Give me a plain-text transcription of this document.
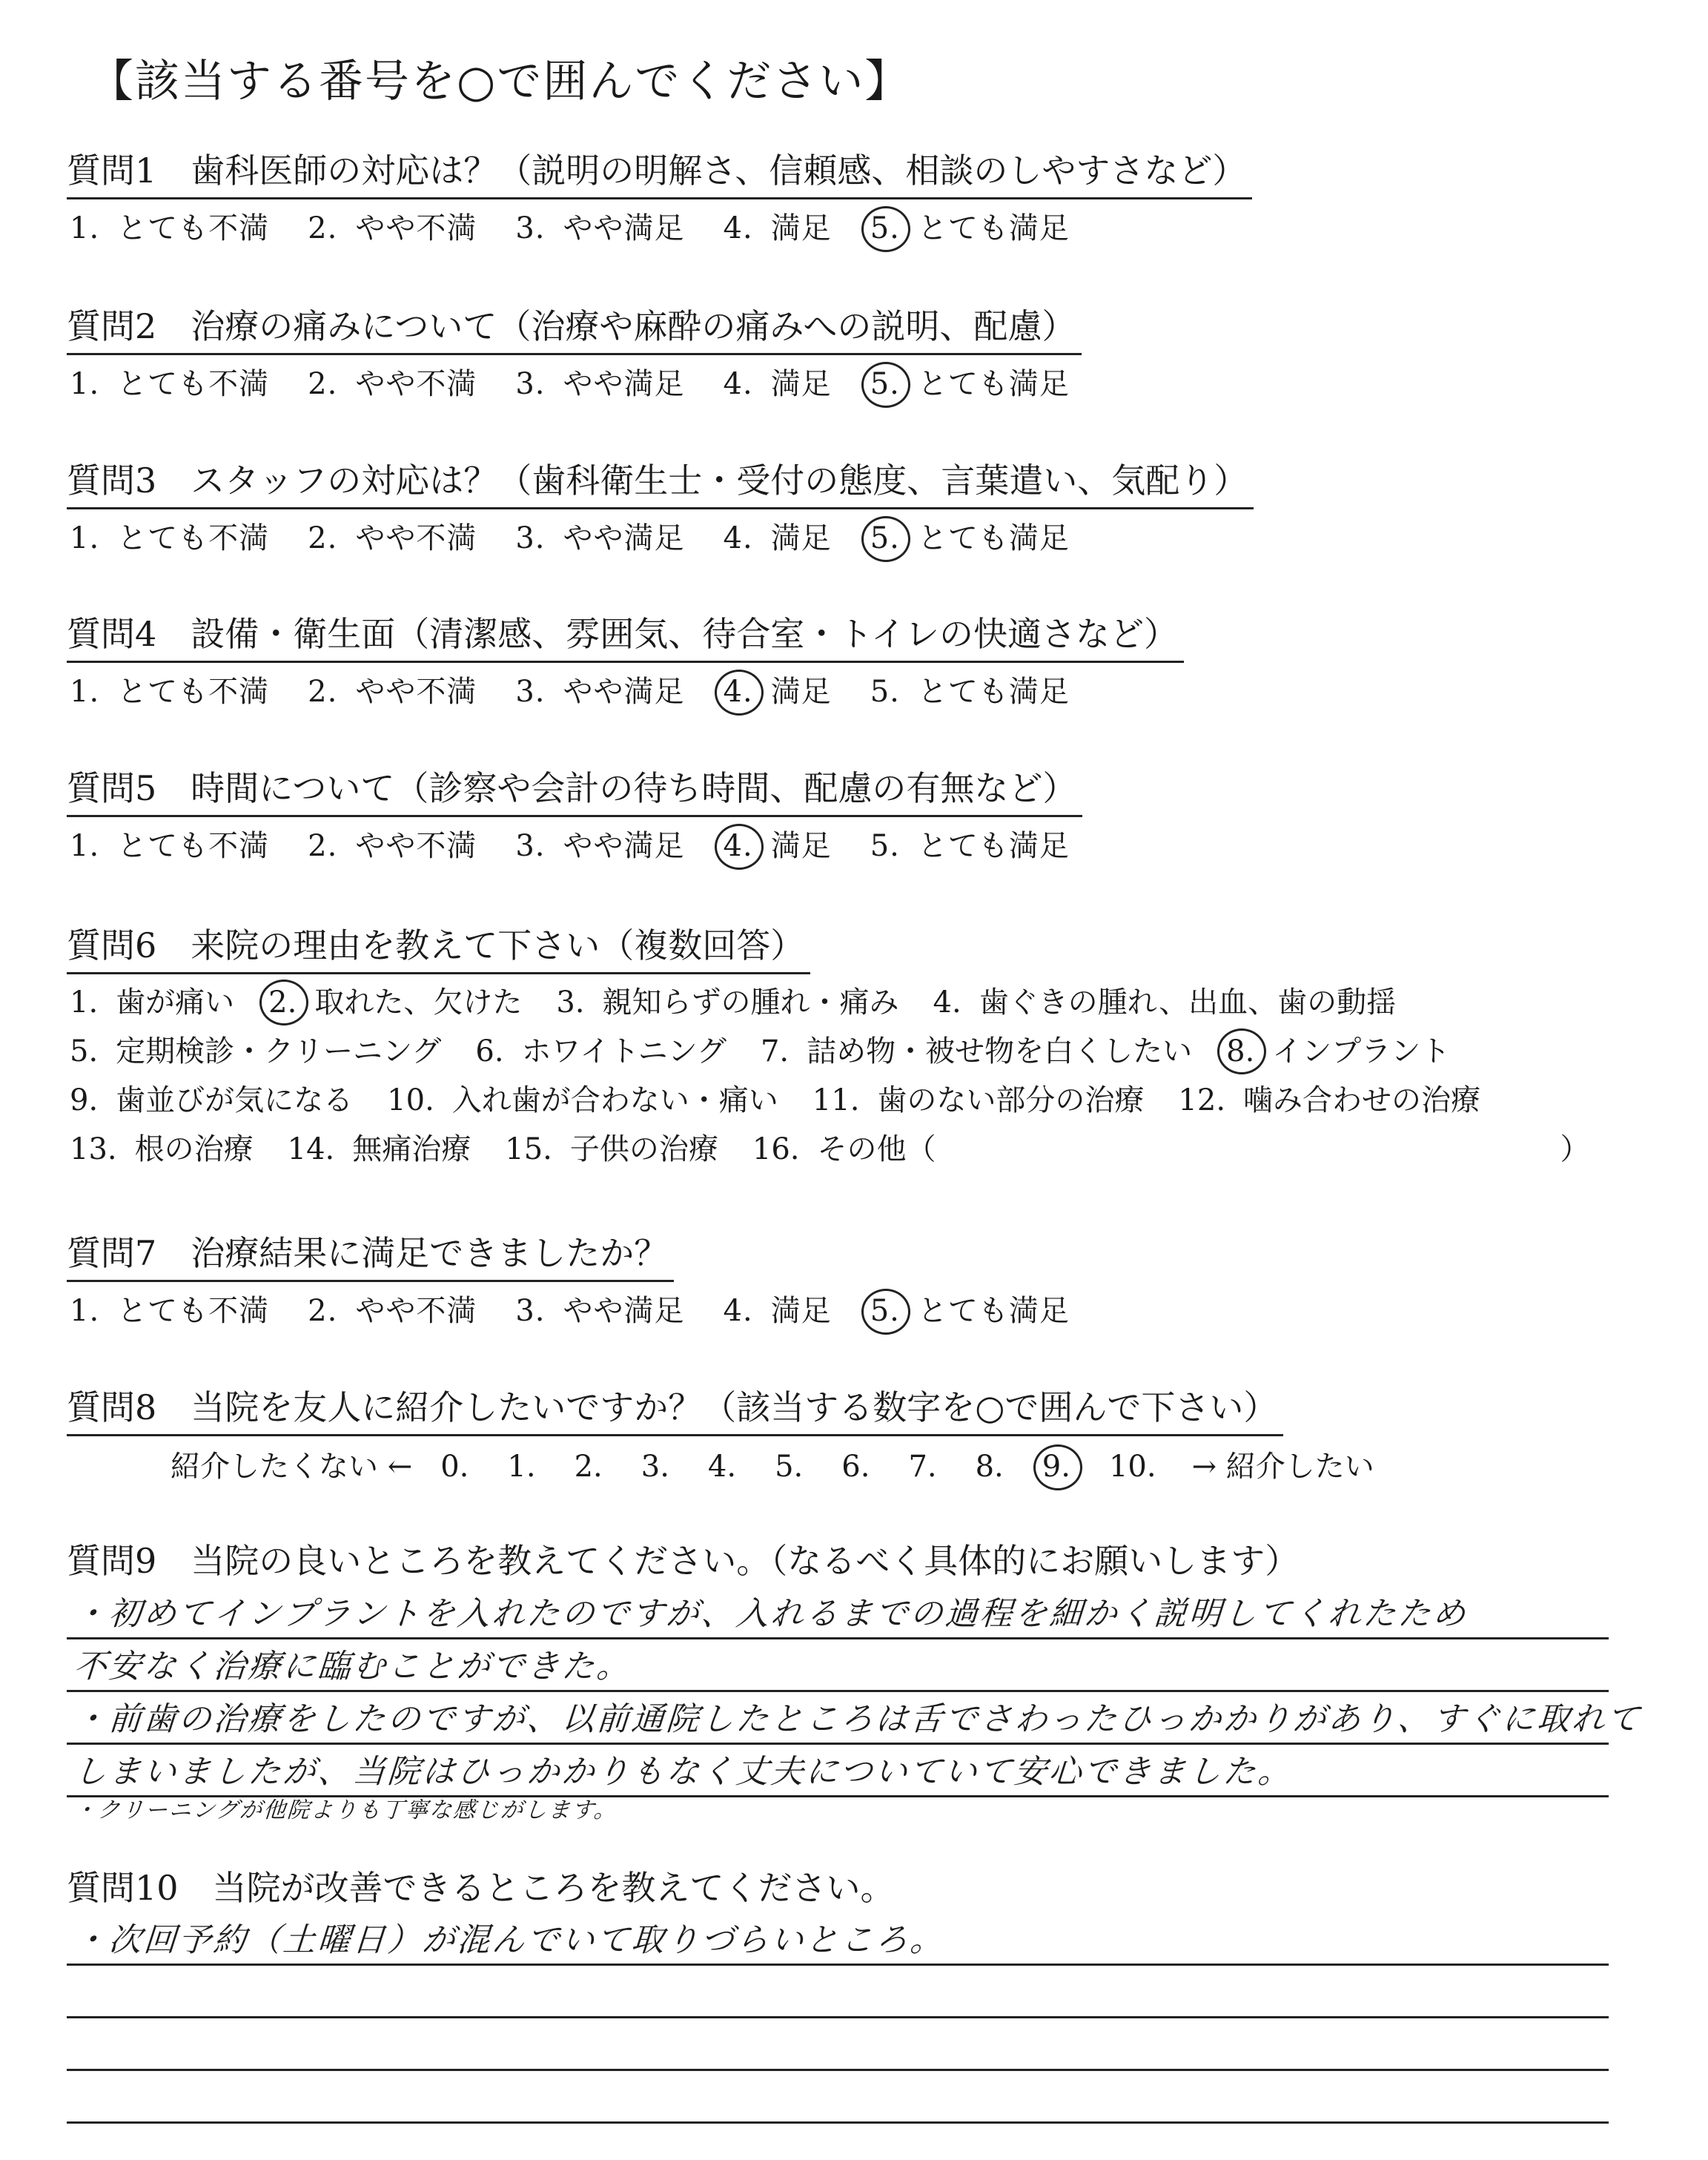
【該当する番号を○で囲んでください】
質問1　歯科医師の対応は？（説明の明解さ、信頼感、相談のしやすさなど）
1. とても不満 2. やや不満 3. やや満足 4. 満足 5. とても満足
質問2　治療の痛みについて（治療や麻酔の痛みへの説明、配慮）
1. とても不満 2. やや不満 3. やや満足 4. 満足 5. とても満足
質問3　スタッフの対応は？（歯科衛生士・受付の態度、言葉遣い、気配り）
1. とても不満 2. やや不満 3. やや満足 4. 満足 5. とても満足
質問4　設備・衛生面（清潔感、雰囲気、待合室・トイレの快適さなど）
1. とても不満 2. やや不満 3. やや満足 4. 満足 5. とても満足
質問5　時間について（診察や会計の待ち時間、配慮の有無など）
1. とても不満 2. やや不満 3. やや満足 4. 満足 5. とても満足
質問6　来院の理由を教えて下さい（複数回答）
1. 歯が痛い 2. 取れた、欠けた 3. 親知らずの腫れ・痛み 4. 歯ぐきの腫れ、出血、歯の動揺
5. 定期検診・クリーニング 6. ホワイトニング 7. 詰め物・被せ物を白くしたい 8. インプラント
9. 歯並びが気になる 10. 入れ歯が合わない・痛い 11. 歯のない部分の治療 12. 噛み合わせの治療
13. 根の治療 14. 無痛治療 15. 子供の治療 16. その他（	）
質問7　治療結果に満足できましたか？
1. とても不満 2. やや不満 3. やや満足 4. 満足 5. とても満足
質問8　当院を友人に紹介したいですか？（該当する数字を○で囲んで下さい）
紹介したくない ← 0. 1. 2. 3. 4. 5. 6. 7. 8. 9. 10. → 紹介したい
質問9　当院の良いところを教えてください。（なるべく具体的にお願いします）
・初めてインプラントを入れたのですが、入れるまでの過程を細かく説明してくれたため
不安なく治療に臨むことができた。
・前歯の治療をしたのですが、以前通院したところは舌でさわったひっかかりがあり、すぐに取れて
しまいましたが、当院はひっかかりもなく丈夫についていて安心できました。
・クリーニングが他院よりも丁寧な感じがします。
質問10　当院が改善できるところを教えてください。
・次回予約（土曜日）が混んでいて取りづらいところ。
